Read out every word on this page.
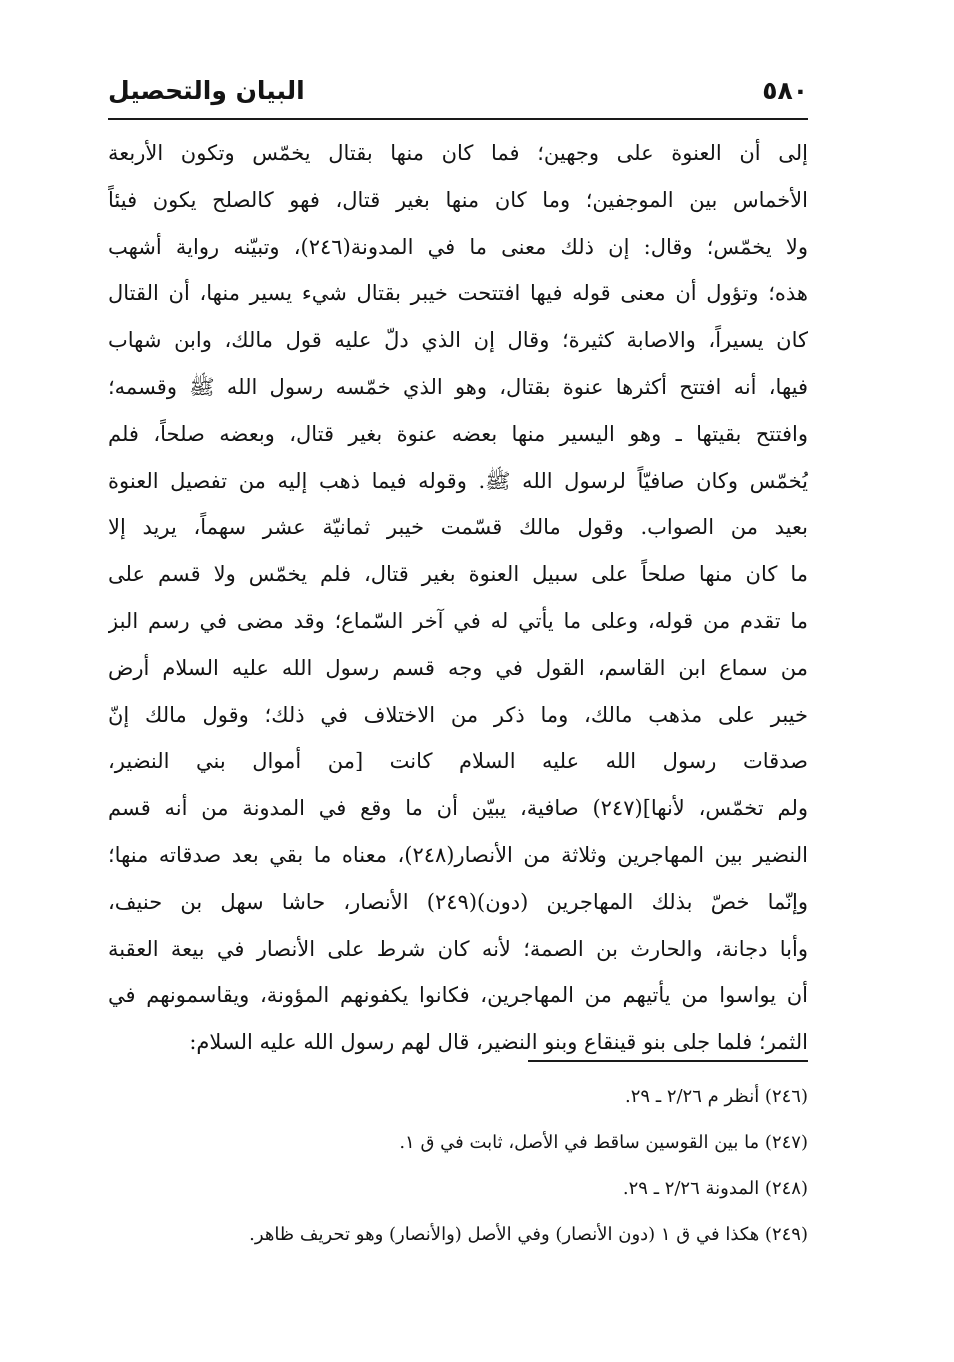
٥٨٠
البيان والتحصيل
إلى أن العنوة على وجهين؛ فما كان منها بقتال يخمّس وتكون الأربعة
الأخماس بين الموجفين؛ وما كان منها بغير قتال، فهو كالصلح يكون فيئاً
ولا يخمّس؛ وقال: إن ذلك معنى ما في المدونة(٢٤٦)، وتبيّنه رواية أشهب
هذه؛ وتؤول أن معنى قوله فيها افتتحت خيبر بقتال شيء يسير منها، أن القتال
كان يسيراً، والاصابة كثيرة؛ وقال إن الذي دلّ عليه قول مالك، وابن شهاب
فيها، أنه افتتح أكثرها عنوة بقتال، وهو الذي خمّسه رسول الله ﷺ وقسمه؛
وافتتح بقيتها ـ وهو اليسير منها بعضه عنوة بغير قتال، وبعضه صلحاً، فلم
يُخمّس وكان صافيّاً لرسول الله ﷺ. وقوله فيما ذهب إليه من تفصيل العنوة
بعيد من الصواب. وقول مالك قسّمت خيبر ثمانيّة عشر سهماً، يريد إلا
ما كان منها صلحاً على سبيل العنوة بغير قتال، فلم يخمّس ولا قسم على
ما تقدم من قوله، وعلى ما يأتي له في آخر السّماع؛ وقد مضى في رسم البز
من سماع ابن القاسم، القول في وجه قسم رسول الله عليه السلام أرض
خيبر على مذهب مالك، وما ذكر من الاختلاف في ذلك؛ وقول مالك إنّ
صدقات رسول الله عليه السلام كانت [من أموال بني النضير،
ولم تخمّس، لأنها](٢٤٧) صافية، يبيّن أن ما وقع في المدونة من أنه قسم
النضير بين المهاجرين وثلاثة من الأنصار(٢٤٨)، معناه ما بقي بعد صدقاته منها؛
وإنّما خصّ بذلك المهاجرين (دون)(٢٤٩) الأنصار، حاشا سهل بن حنيف،
وأبا دجانة، والحارث بن الصمة؛ لأنه كان شرط على الأنصار في بيعة العقبة
أن يواسوا من يأتيهم من المهاجرين، فكانوا يكفونهم المؤونة، ويقاسمونهم في
الثمر؛ فلما جلى بنو قينقاع وبنو النضير، قال لهم رسول الله عليه السلام:
(٢٤٦) أنظر م ٢/٢٦ ـ ٢٩.
(٢٤٧) ما بين القوسين ساقط في الأصل، ثابت في ق ١.
(٢٤٨) المدونة ٢/٢٦ ـ ٢٩.
(٢٤٩) هكذا في ق ١ (دون الأنصار) وفي الأصل (والأنصار) وهو تحريف ظاهر.
